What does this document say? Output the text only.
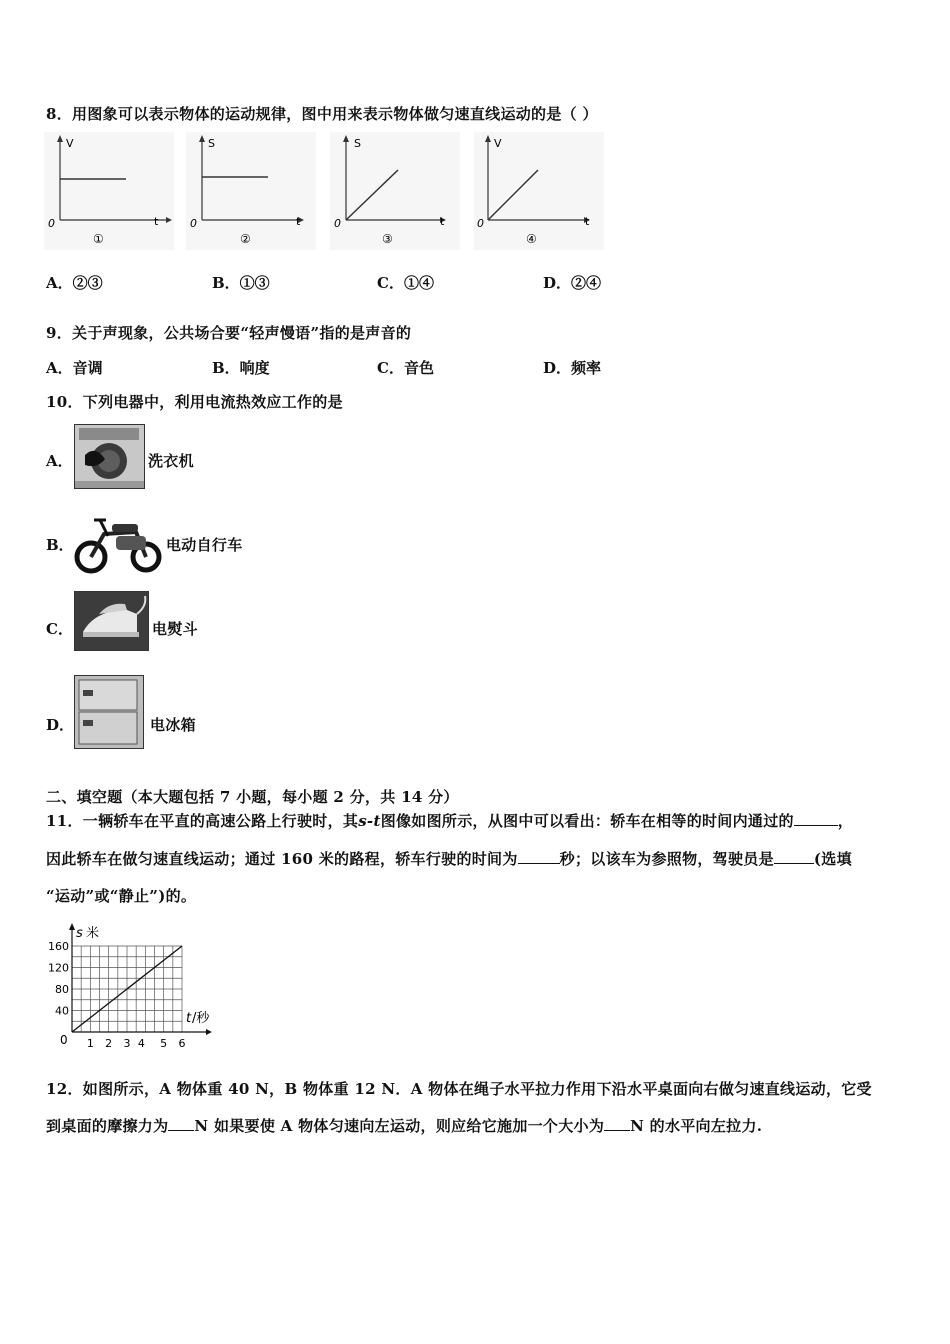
8．用图象可以表示物体的运动规律，图中用来表示物体做匀速直线运动的是（ ）
V
t
0
①
S
t
0
②
S
t
0
③
V
t
0
④
A．②③	B．①③	C．①④	D．②④
9．关于声现象，公共场合要“轻声慢语”指的是声音的
A．音调	B．响度	C．音色	D．频率
10．下列电器中，利用电流热效应工作的是
A．	洗衣机
B．	电动自行车
C．	电熨斗
D．	电冰箱
二、填空题（本大题包括 7 小题，每小题 2 分，共 14 分）
11．一辆轿车在平直的高速公路上行驶时，其s-t图像如图所示，从图中可以看出：轿车在相等的时间内通过的	，
因此轿车在做匀速直线运动；通过 160 米的路程，轿车行驶的时间为	秒；以该车为参照物，驾驶员是	(选填
“运动”或“静止”)的。
160
120
80
40
1 2 3 4 5 6
s 米
t /秒
0
12．如图所示，A 物体重 40 N，B 物体重 12 N．A 物体在绳子水平拉力作用下沿水平桌面向右做匀速直线运动，它受
到桌面的摩擦力为 N 如果要使 A 物体匀速向左运动，则应给它施加一个大小为 N 的水平向左拉力.
